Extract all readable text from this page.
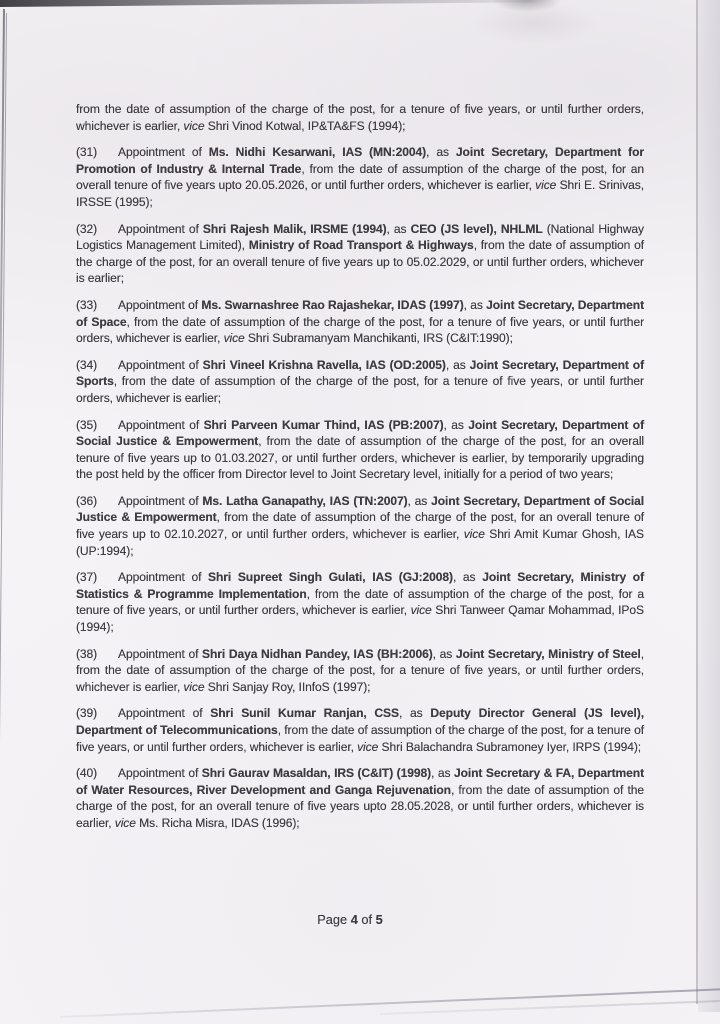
from the date of assumption of the charge of the post, for a tenure of five years, or until further orders, whichever is earlier, vice Shri Vinod Kotwal, IP&TA&FS (1994);

(31) Appointment of Ms. Nidhi Kesarwani, IAS (MN:2004), as Joint Secretary, Department for Promotion of Industry & Internal Trade, from the date of assumption of the charge of the post, for an overall tenure of five years upto 20.05.2026, or until further orders, whichever is earlier, vice Shri E. Srinivas, IRSSE (1995);

(32) Appointment of Shri Rajesh Malik, IRSME (1994), as CEO (JS level), NHLML (National Highway Logistics Management Limited), Ministry of Road Transport & Highways, from the date of assumption of the charge of the post, for an overall tenure of five years up to 05.02.2029, or until further orders, whichever is earlier;

(33) Appointment of Ms. Swarnashree Rao Rajashekar, IDAS (1997), as Joint Secretary, Department of Space, from the date of assumption of the charge of the post, for a tenure of five years, or until further orders, whichever is earlier, vice Shri Subramanyam Manchikanti, IRS (C&IT:1990);

(34) Appointment of Shri Vineel Krishna Ravella, IAS (OD:2005), as Joint Secretary, Department of Sports, from the date of assumption of the charge of the post, for a tenure of five years, or until further orders, whichever is earlier;

(35) Appointment of Shri Parveen Kumar Thind, IAS (PB:2007), as Joint Secretary, Department of Social Justice & Empowerment, from the date of assumption of the charge of the post, for an overall tenure of five years up to 01.03.2027, or until further orders, whichever is earlier, by temporarily upgrading the post held by the officer from Director level to Joint Secretary level, initially for a period of two years;

(36) Appointment of Ms. Latha Ganapathy, IAS (TN:2007), as Joint Secretary, Department of Social Justice & Empowerment, from the date of assumption of the charge of the post, for an overall tenure of five years up to 02.10.2027, or until further orders, whichever is earlier, vice Shri Amit Kumar Ghosh, IAS (UP:1994);

(37) Appointment of Shri Supreet Singh Gulati, IAS (GJ:2008), as Joint Secretary, Ministry of Statistics & Programme Implementation, from the date of assumption of the charge of the post, for a tenure of five years, or until further orders, whichever is earlier, vice Shri Tanweer Qamar Mohammad, IPoS (1994);

(38) Appointment of Shri Daya Nidhan Pandey, IAS (BH:2006), as Joint Secretary, Ministry of Steel, from the date of assumption of the charge of the post, for a tenure of five years, or until further orders, whichever is earlier, vice Shri Sanjay Roy, IInfoS (1997);

(39) Appointment of Shri Sunil Kumar Ranjan, CSS, as Deputy Director General (JS level), Department of Telecommunications, from the date of assumption of the charge of the post, for a tenure of five years, or until further orders, whichever is earlier, vice Shri Balachandra Subramoney Iyer, IRPS (1994);

(40) Appointment of Shri Gaurav Masaldan, IRS (C&IT) (1998), as Joint Secretary & FA, Department of Water Resources, River Development and Ganga Rejuvenation, from the date of assumption of the charge of the post, for an overall tenure of five years upto 28.05.2028, or until further orders, whichever is earlier, vice Ms. Richa Misra, IDAS (1996);

Page 4 of 5
